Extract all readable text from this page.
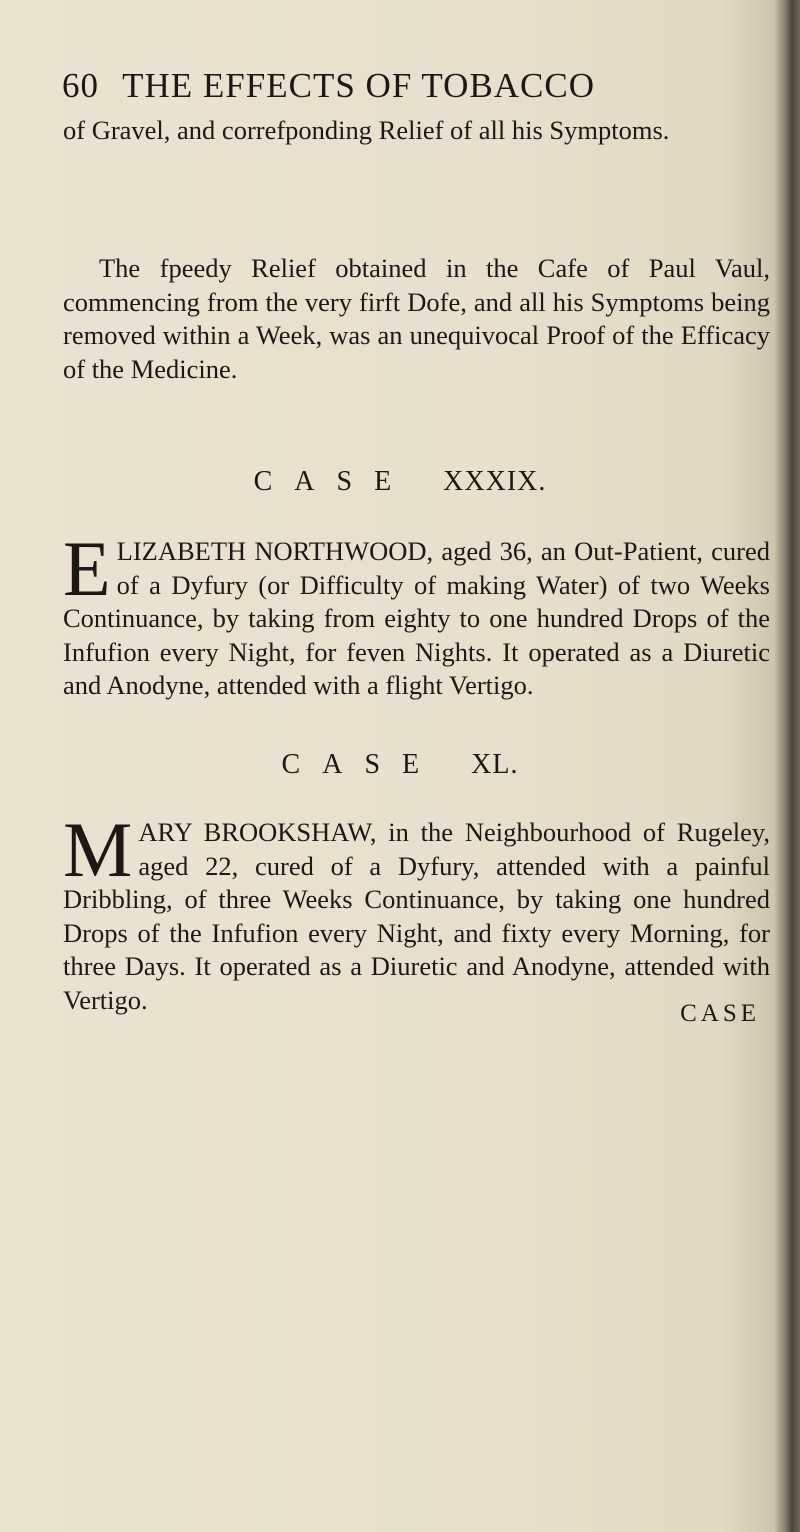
60 THE EFFECTS OF TOBACCO

of Gravel, and correfponding Relief of all his Symptoms.

The fpeedy Relief obtained in the Cafe of Paul Vaul, commencing from the very firft Dofe, and all his Symptoms being removed within a Week, was an unequivocal Proof of the Efficacy of the Medicine.

CASE XXXIX.
ELIZABETH NORTHWOOD, aged 36, an Out-Patient, cured of a Dyfury (or Difficulty of making Water) of two Weeks Continuance, by taking from eighty to one hundred Drops of the Infufion every Night, for feven Nights. It operated as a Diuretic and Anodyne, attended with a flight Vertigo.
CASE XL.
MARY BROOKSHAW, in the Neighbourhood of Rugeley, aged 22, cured of a Dyfury, attended with a painful Dribbling, of three Weeks Continuance, by taking one hundred Drops of the Infufion every Night, and fixty every Morning, for three Days. It operated as a Diuretic and Anodyne, attended with Vertigo.	CASE
